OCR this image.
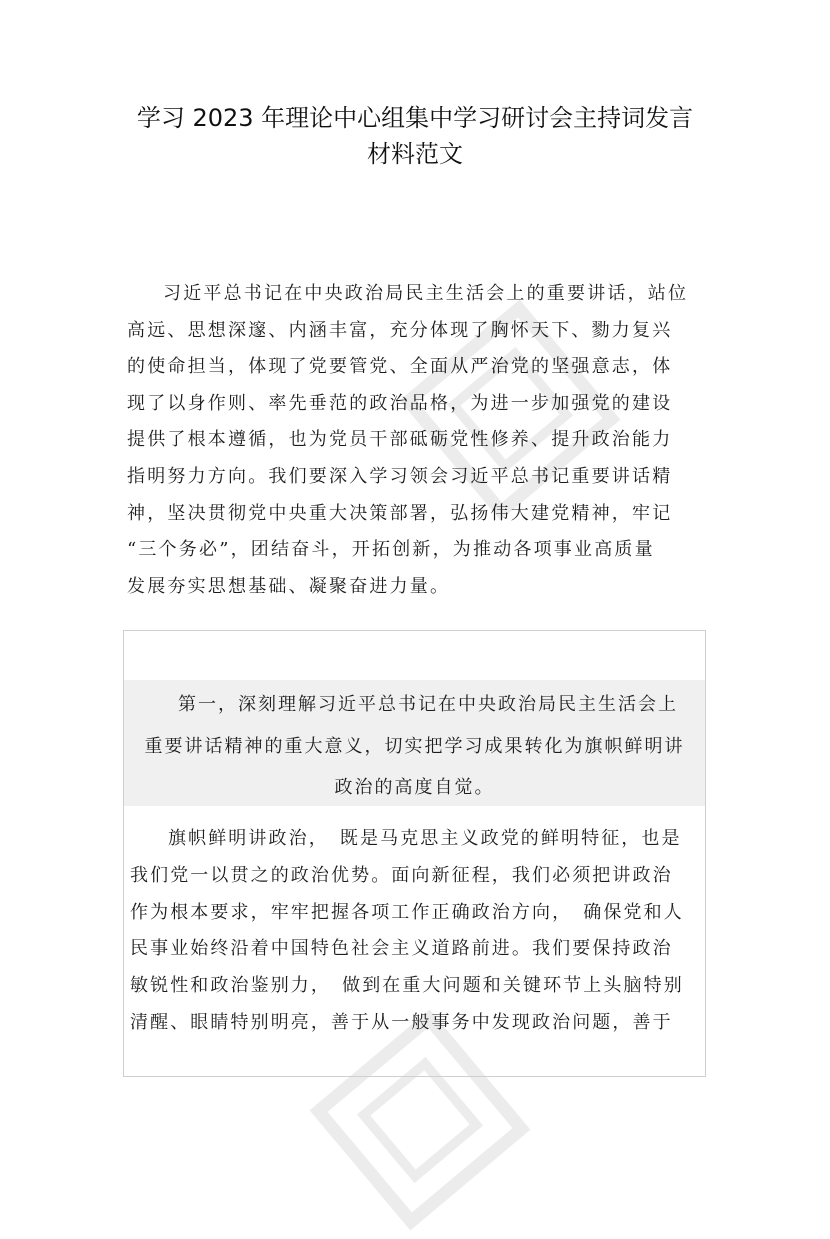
学习 2023 年理论中心组集中学习研讨会主持词发言
材料范文
习近平总书记在中央政治局民主生活会上的重要讲话，站位
高远、思想深邃、内涵丰富，充分体现了胸怀天下、勠力复兴
的使命担当，体现了党要管党、全面从严治党的坚强意志，体
现了以身作则、率先垂范的政治品格，为进一步加强党的建设
提供了根本遵循，也为党员干部砥砺党性修养、提升政治能力
指明努力方向。我们要深入学习领会习近平总书记重要讲话精
神，坚决贯彻党中央重大决策部署，弘扬伟大建党精神，牢记
“三个务必”，团结奋斗，开拓创新，为推动各项事业高质量
发展夯实思想基础、凝聚奋进力量。
第一，深刻理解习近平总书记在中央政治局民主生活会上
重要讲话精神的重大意义，切实把学习成果转化为旗帜鲜明讲
政治的高度自觉。
旗帜鲜明讲政治，　既是马克思主义政党的鲜明特征，也是
我们党一以贯之的政治优势。面向新征程，我们必须把讲政治
作为根本要求，牢牢把握各项工作正确政治方向，　确保党和人
民事业始终沿着中国特色社会主义道路前进。我们要保持政治
敏锐性和政治鉴别力，　做到在重大问题和关键环节上头脑特别
清醒、眼睛特别明亮，善于从一般事务中发现政治问题，善于
